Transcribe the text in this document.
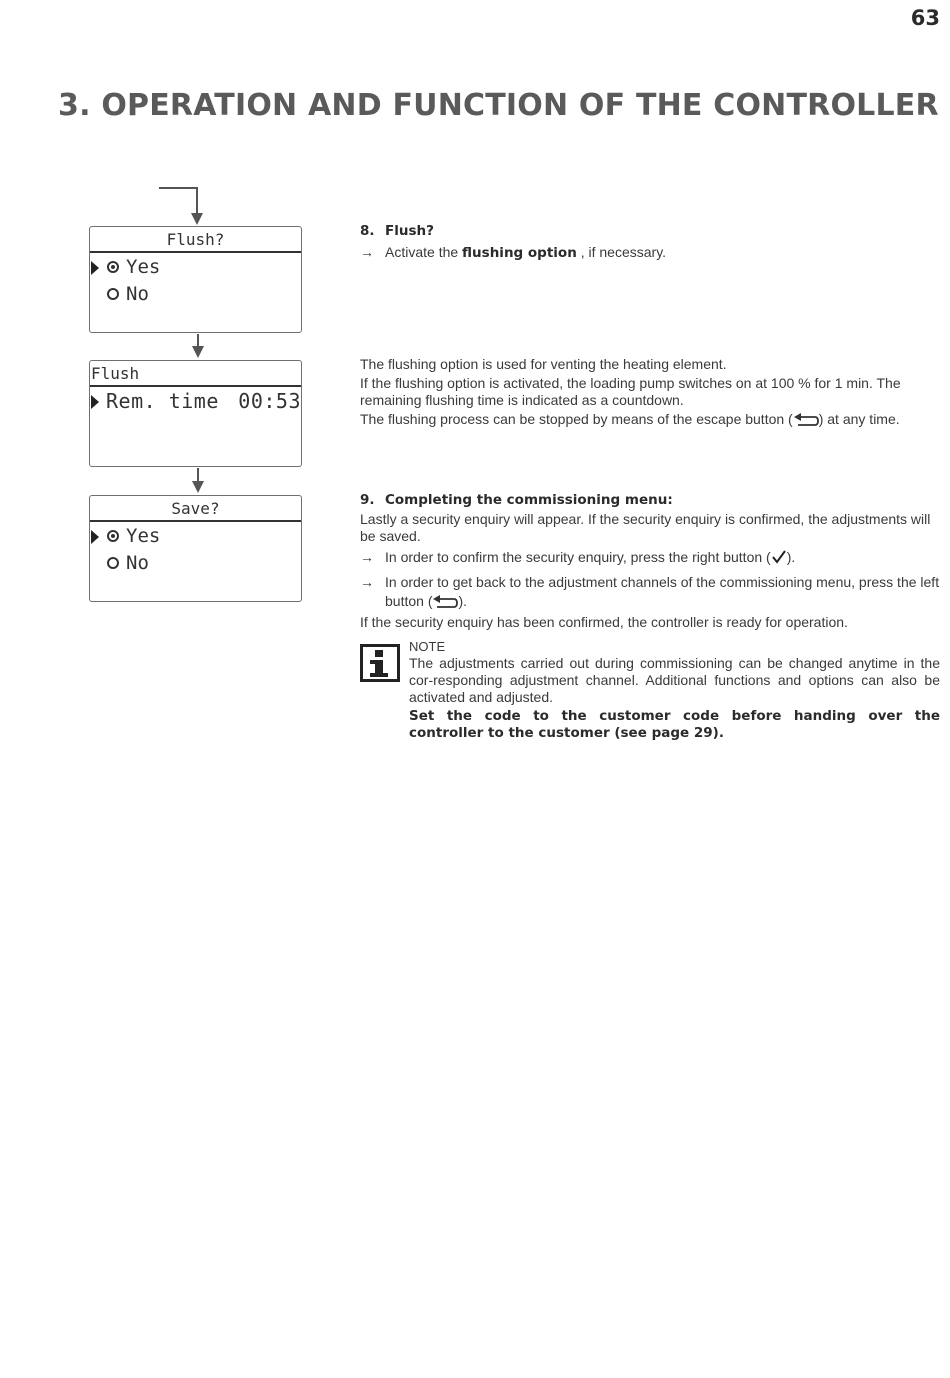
63
3. OPERATION AND FUNCTION OF THE CONTROLLER
Flush?
Yes
No
Flush
Rem. time 00:53
Save?
Yes
No
8. Flush?
→ Activate the flushing option , if necessary.

The flushing option is used for venting the heating element.

If the flushing option is activated, the loading pump switches on at 100 % for 1 min. The remaining flushing time is indicated as a countdown.

The flushing process can be stopped by means of the escape button ( ) at any time.

9. Completing the commissioning menu:

Lastly a security enquiry will appear. If the security enquiry is confirmed, the adjustments will be saved.

→ In order to confirm the security enquiry, press the right button ( ).
→ In order to get back to the adjustment channels of the commissioning menu, press the left button ( ).

If the security enquiry has been confirmed, the controller is ready for operation.

NOTE
The adjustments carried out during commissioning can be changed anytime in the cor-responding adjustment channel. Additional functions and options can also be activated and adjusted.
Set the code to the customer code before handing over the controller to the customer (see page 29).
